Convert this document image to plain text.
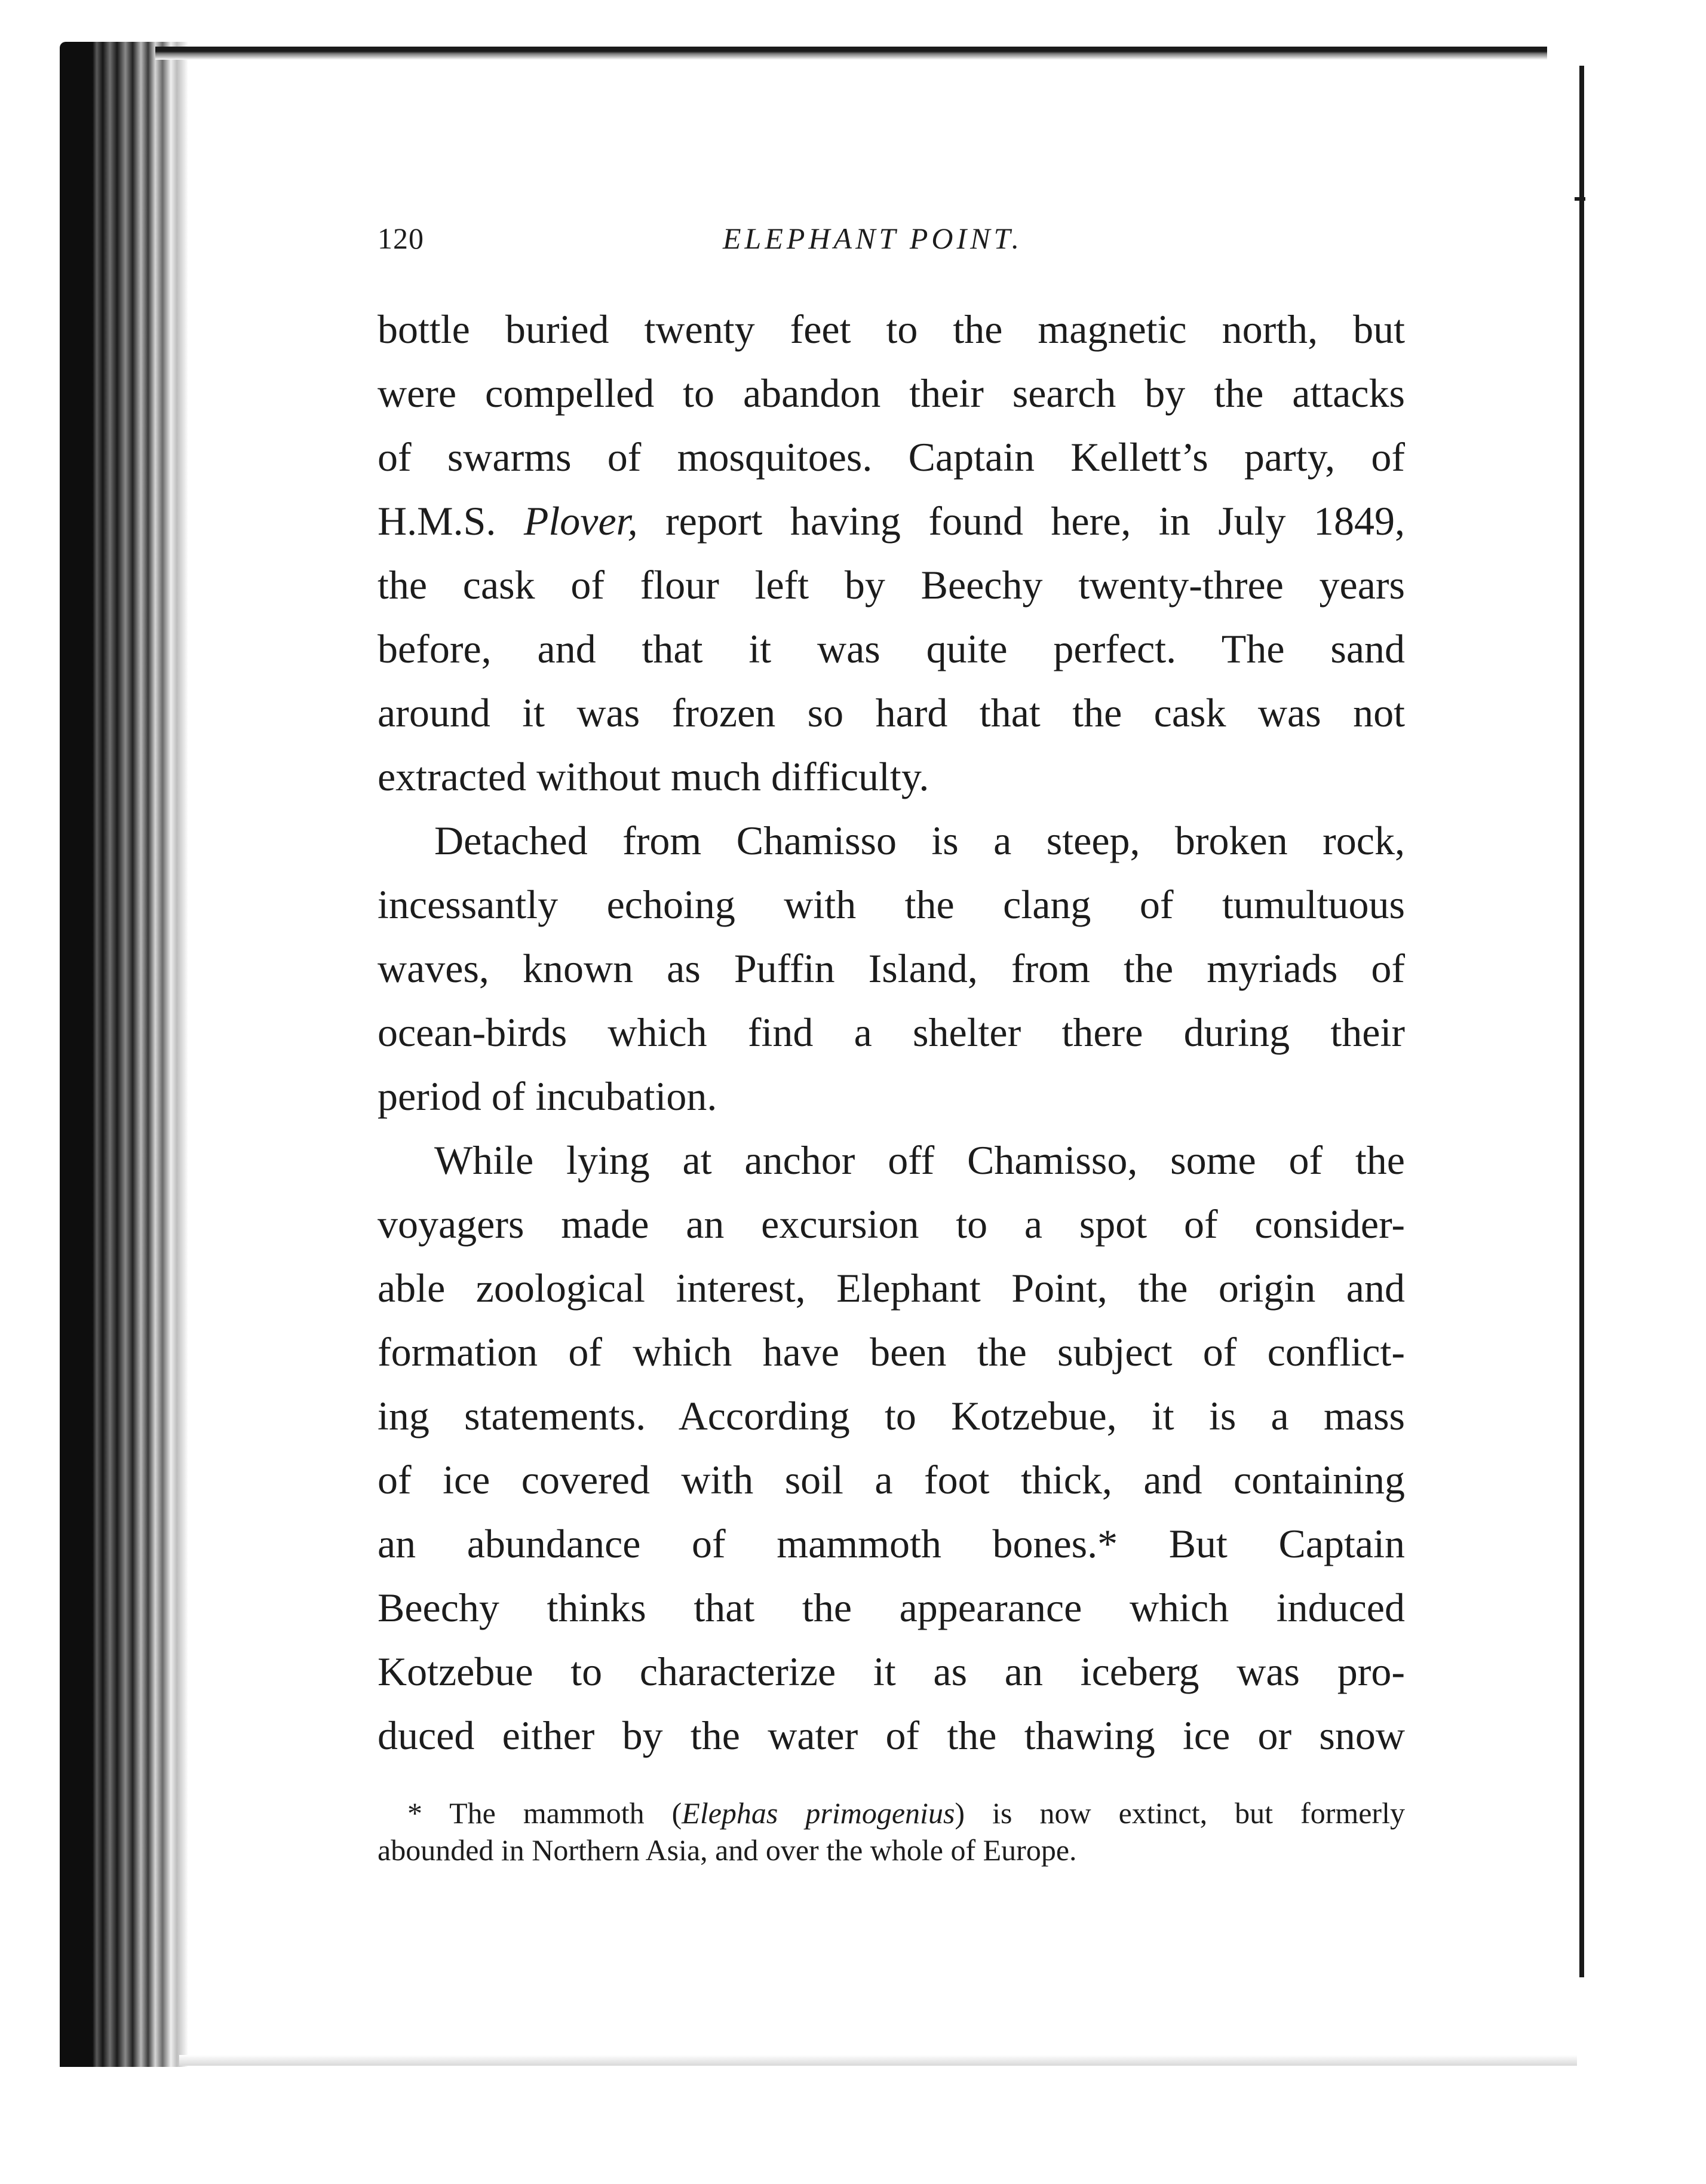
120	ELEPHANT POINT.

bottle buried twenty feet to the magnetic north, but

were compelled to abandon their search by the attacks

of swarms of mosquitoes. Captain Kellett’s party, of

H.M.S. Plover, report having found here, in July 1849,

the cask of flour left by Beechy twenty-three years

before, and that it was quite perfect. The sand

around it was frozen so hard that the cask was not

extracted without much difficulty.

Detached from Chamisso is a steep, broken rock,

incessantly echoing with the clang of tumultuous

waves, known as Puffin Island, from the myriads of

ocean-birds which find a shelter there during their

period of incubation.

While lying at anchor off Chamisso, some of the

voyagers made an excursion to a spot of consider-

able zoological interest, Elephant Point, the origin and

formation of which have been the subject of conflict-

ing statements. According to Kotzebue, it is a mass

of ice covered with soil a foot thick, and containing

an abundance of mammoth bones.* But Captain

Beechy thinks that the appearance which induced

Kotzebue to characterize it as an iceberg was pro-

duced either by the water of the thawing ice or snow

* The mammoth (Elephas primogenius) is now extinct, but formerly

abounded in Northern Asia, and over the whole of Europe.
